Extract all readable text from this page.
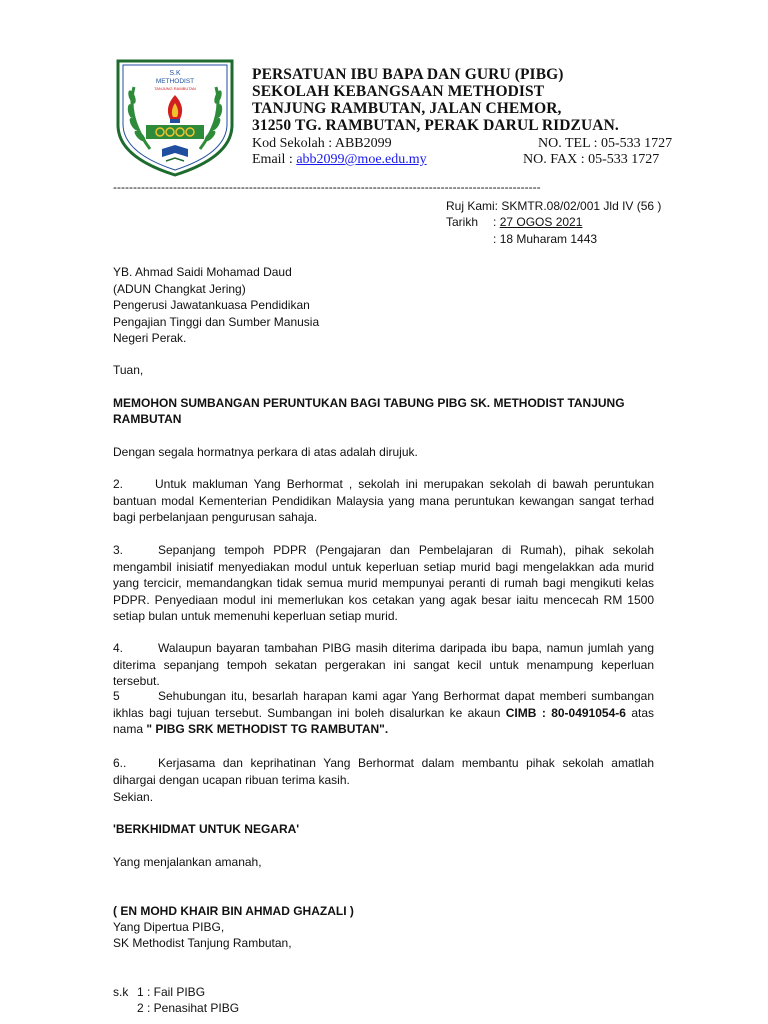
S.K
METHODIST
TANJUNG RAMBUTAN
PERSATUAN IBU BAPA DAN GURU (PIBG)
SEKOLAH KEBANGSAAN METHODIST
TANJUNG RAMBUTAN, JALAN CHEMOR,
31250 TG. RAMBUTAN, PERAK DARUL RIDZUAN.
Kod Sekolah : ABB2099	NO. TEL : 05-533 1727
Email : abb2099@moe.edu.my	NO. FAX : 05-533 1727
-----------------------------------------------------------------------------------------------------------
Ruj Kami: SKMTR.08/02/001 Jld IV (56 )
Tarikh : 27 OGOS 2021
: 18 Muharam 1443
YB. Ahmad Saidi Mohamad Daud
(ADUN Changkat Jering)
Pengerusi Jawatankuasa Pendidikan
Pengajian Tinggi dan Sumber Manusia
Negeri Perak.
Tuan,
MEMOHON SUMBANGAN PERUNTUKAN BAGI TABUNG PIBG SK. METHODIST TANJUNG
RAMBUTAN
Dengan segala hormatnya perkara di atas adalah dirujuk.
2.	Untuk makluman Yang Berhormat , sekolah ini merupakan sekolah di bawah peruntukan bantuan modal Kementerian Pendidikan Malaysia yang mana peruntukan kewangan sangat terhad bagi perbelanjaan pengurusan sahaja.
3.	Sepanjang tempoh PDPR (Pengajaran dan Pembelajaran di Rumah), pihak sekolah mengambil inisiatif menyediakan modul untuk keperluan setiap murid bagi mengelakkan ada murid yang tercicir, memandangkan tidak semua murid mempunyai peranti di rumah bagi mengikuti kelas PDPR. Penyediaan modul ini memerlukan kos cetakan yang agak besar iaitu mencecah RM 1500 setiap bulan untuk memenuhi keperluan setiap murid.
4.	Walaupun bayaran tambahan PIBG masih diterima daripada ibu bapa, namun jumlah yang diterima sepanjang tempoh sekatan pergerakan ini sangat kecil untuk menampung keperluan tersebut.
5	Sehubungan itu, besarlah harapan kami agar Yang Berhormat dapat memberi sumbangan ikhlas bagi tujuan tersebut. Sumbangan ini boleh disalurkan ke akaun CIMB : 80-0491054-6 atas nama " PIBG SRK METHODIST TG RAMBUTAN".
6..	Kerjasama dan keprihatinan Yang Berhormat dalam membantu pihak sekolah amatlah dihargai dengan ucapan ribuan terima kasih.
Sekian.
'BERKHIDMAT UNTUK NEGARA'
Yang menjalankan amanah,
( EN MOHD KHAIR BIN AHMAD GHAZALI )
Yang Dipertua PIBG,
SK Methodist Tanjung Rambutan,
s.k 1 : Fail PIBG
2 : Penasihat PIBG
